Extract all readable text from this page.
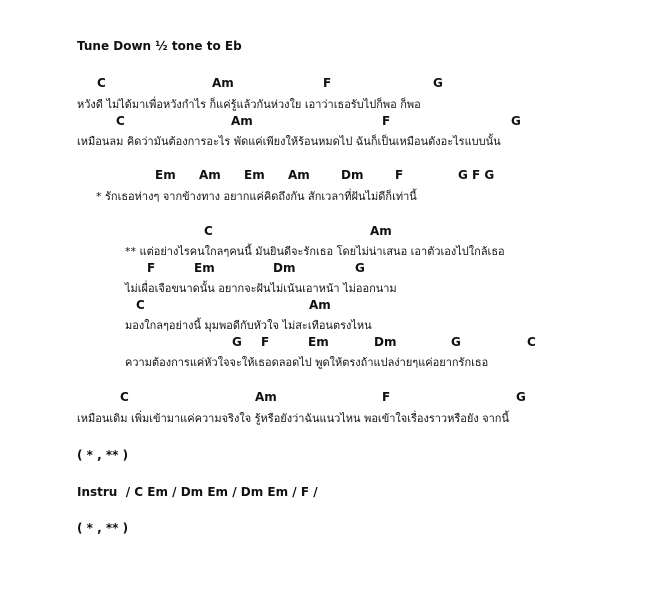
Tune Down ½ tone to Eb
C	Am	F	G
หวังดี ไม่ได้มาเพื่อหวังกำไร ก็แค่รู้แล้วกันห่วงใย เอาว่าเธอรับไปก็พอ ก็พอ
C	Am	F	G
เหมือนลม คิดว่ามันต้องการอะไร พัดแค่เพียงให้ร้อนหมดไป ฉันก็เป็นเหมือนดังอะไรแบบนั้น
Em Am Em Am	Dm	F	G F G
* รักเธอห่างๆ จากข้างทาง อยากแค่คิดถึงกัน สักเวลาที่ฝันไม่ดีก็เท่านี้
C	Am
** แต่อย่างไรคนใกลๆคนนี้ มันยินดีจะรักเธอ โดยไม่น่าเสนอ เอาตัวเองไปใกล้เธอ
F	Em	Dm	G
ไม่เผื่อเจือขนาดนั้น อยากจะฝันไม่เน้นเอาหน้า ไม่ออกนาม
C	Am
มองใกลๆอย่างนี้ มุมพอดีกับหัวใจ ไม่สะเทือนตรงไหน
G F	Em	Dm	G	C
ความต้องการแค่หัวใจจะให้เธอดลอดไป พูดให้ตรงถ้าแปลง่ายๆแค่อยากรักเธอ
C	Am	F	G
เหมือนเดิม เพิ่มเข้ามาแค่ความจริงใจ รู้หรือยังว่าฉันแนวไหน พอเข้าใจเรื่องราวหรือยัง จากนี้
( * , ** )
Instru  / C Em / Dm Em / Dm Em / F /
( * , ** )
